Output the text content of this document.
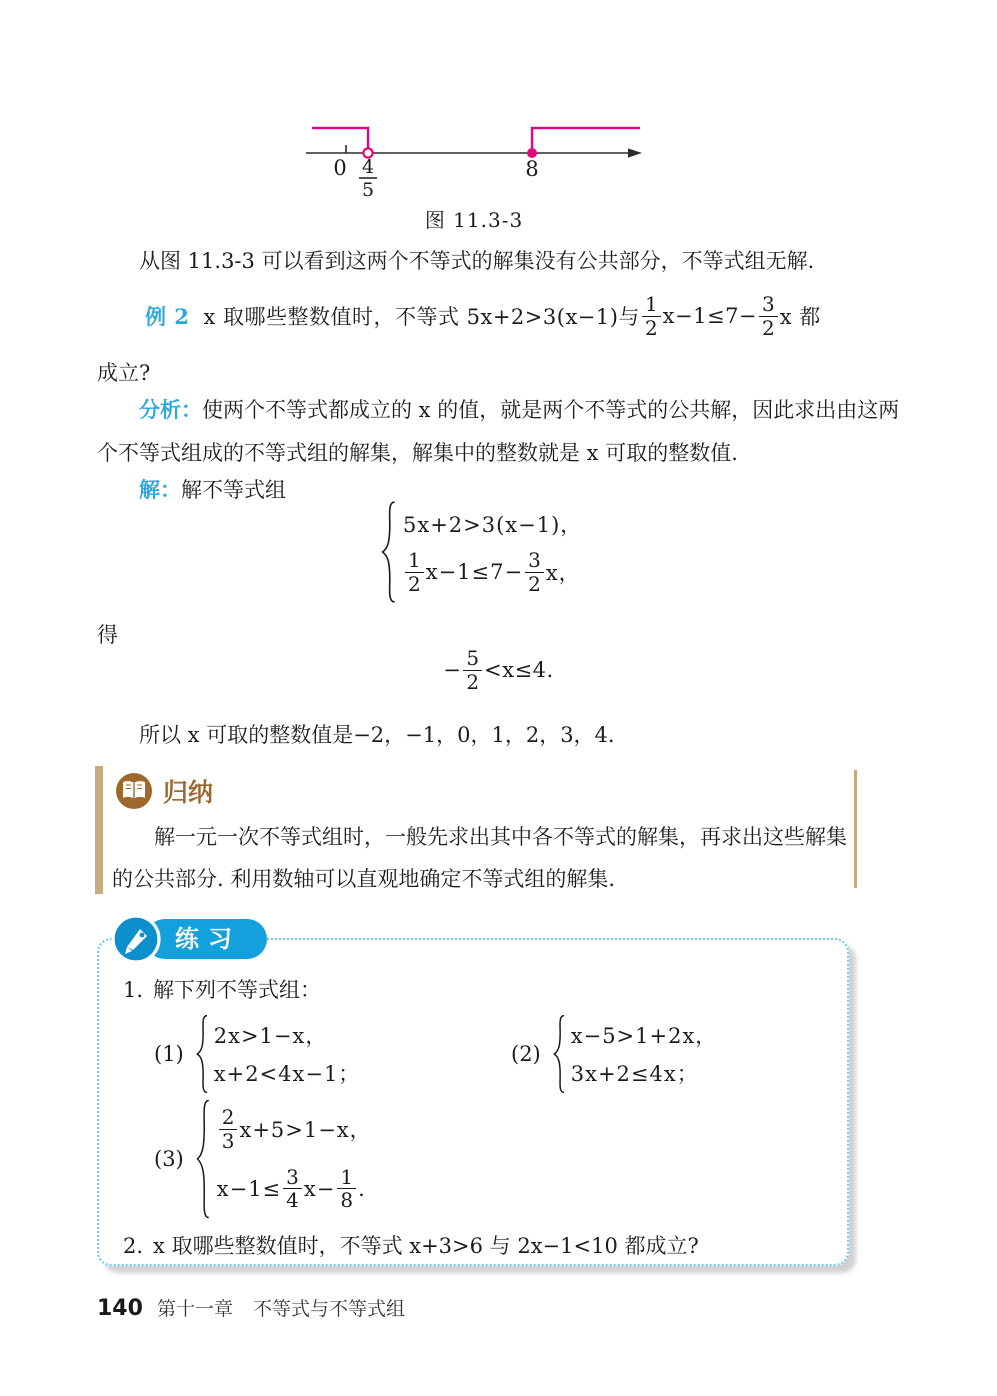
0 4
5
8
图 11.3-3
从图 11.3-3 可以看到这两个不等式的解集没有公共部分，不等式组无解.
例 2 x 取哪些整数值时，不等式 5x+2>3(x−1)与 $\frac{1}{2} x-1\le 7- \frac{3}{2}$ x 都
成立?
分析：使两个不等式都成立的 x 的值，就是两个不等式的公共解，因此求出由这两个不等式组成的不等式组的解集，解集中的整数就是 x 可取的整数值.
解：解不等式组
5x+2>3(x−1)，
$\frac{1}{2} x-1\le 7- \frac{3}{2}$ x，
得
− $\frac{5}{2} <x\le 4$.
所以 x 可取的整数值是−2，−1，0，1，2，3，4.
归纳
解一元一次不等式组时，一般先求出其中各不等式的解集，再求出这些解集的公共部分. 利用数轴可以直观地确定不等式组的解集.
练习
1. 解下列不等式组：
(1)
2x>1−x，
x+2<4x−1；
(2)
x−5>1+2x，
3x+2≤4x；
(3)
$\frac{2}{3} x+5>1-x$，
$x-1\le \frac{3}{4} x- \frac{1}{8}$ .
2. x 取哪些整数值时，不等式 x+3>6 与 2x−1<10 都成立?
140 第十一章 不等式与不等式组
